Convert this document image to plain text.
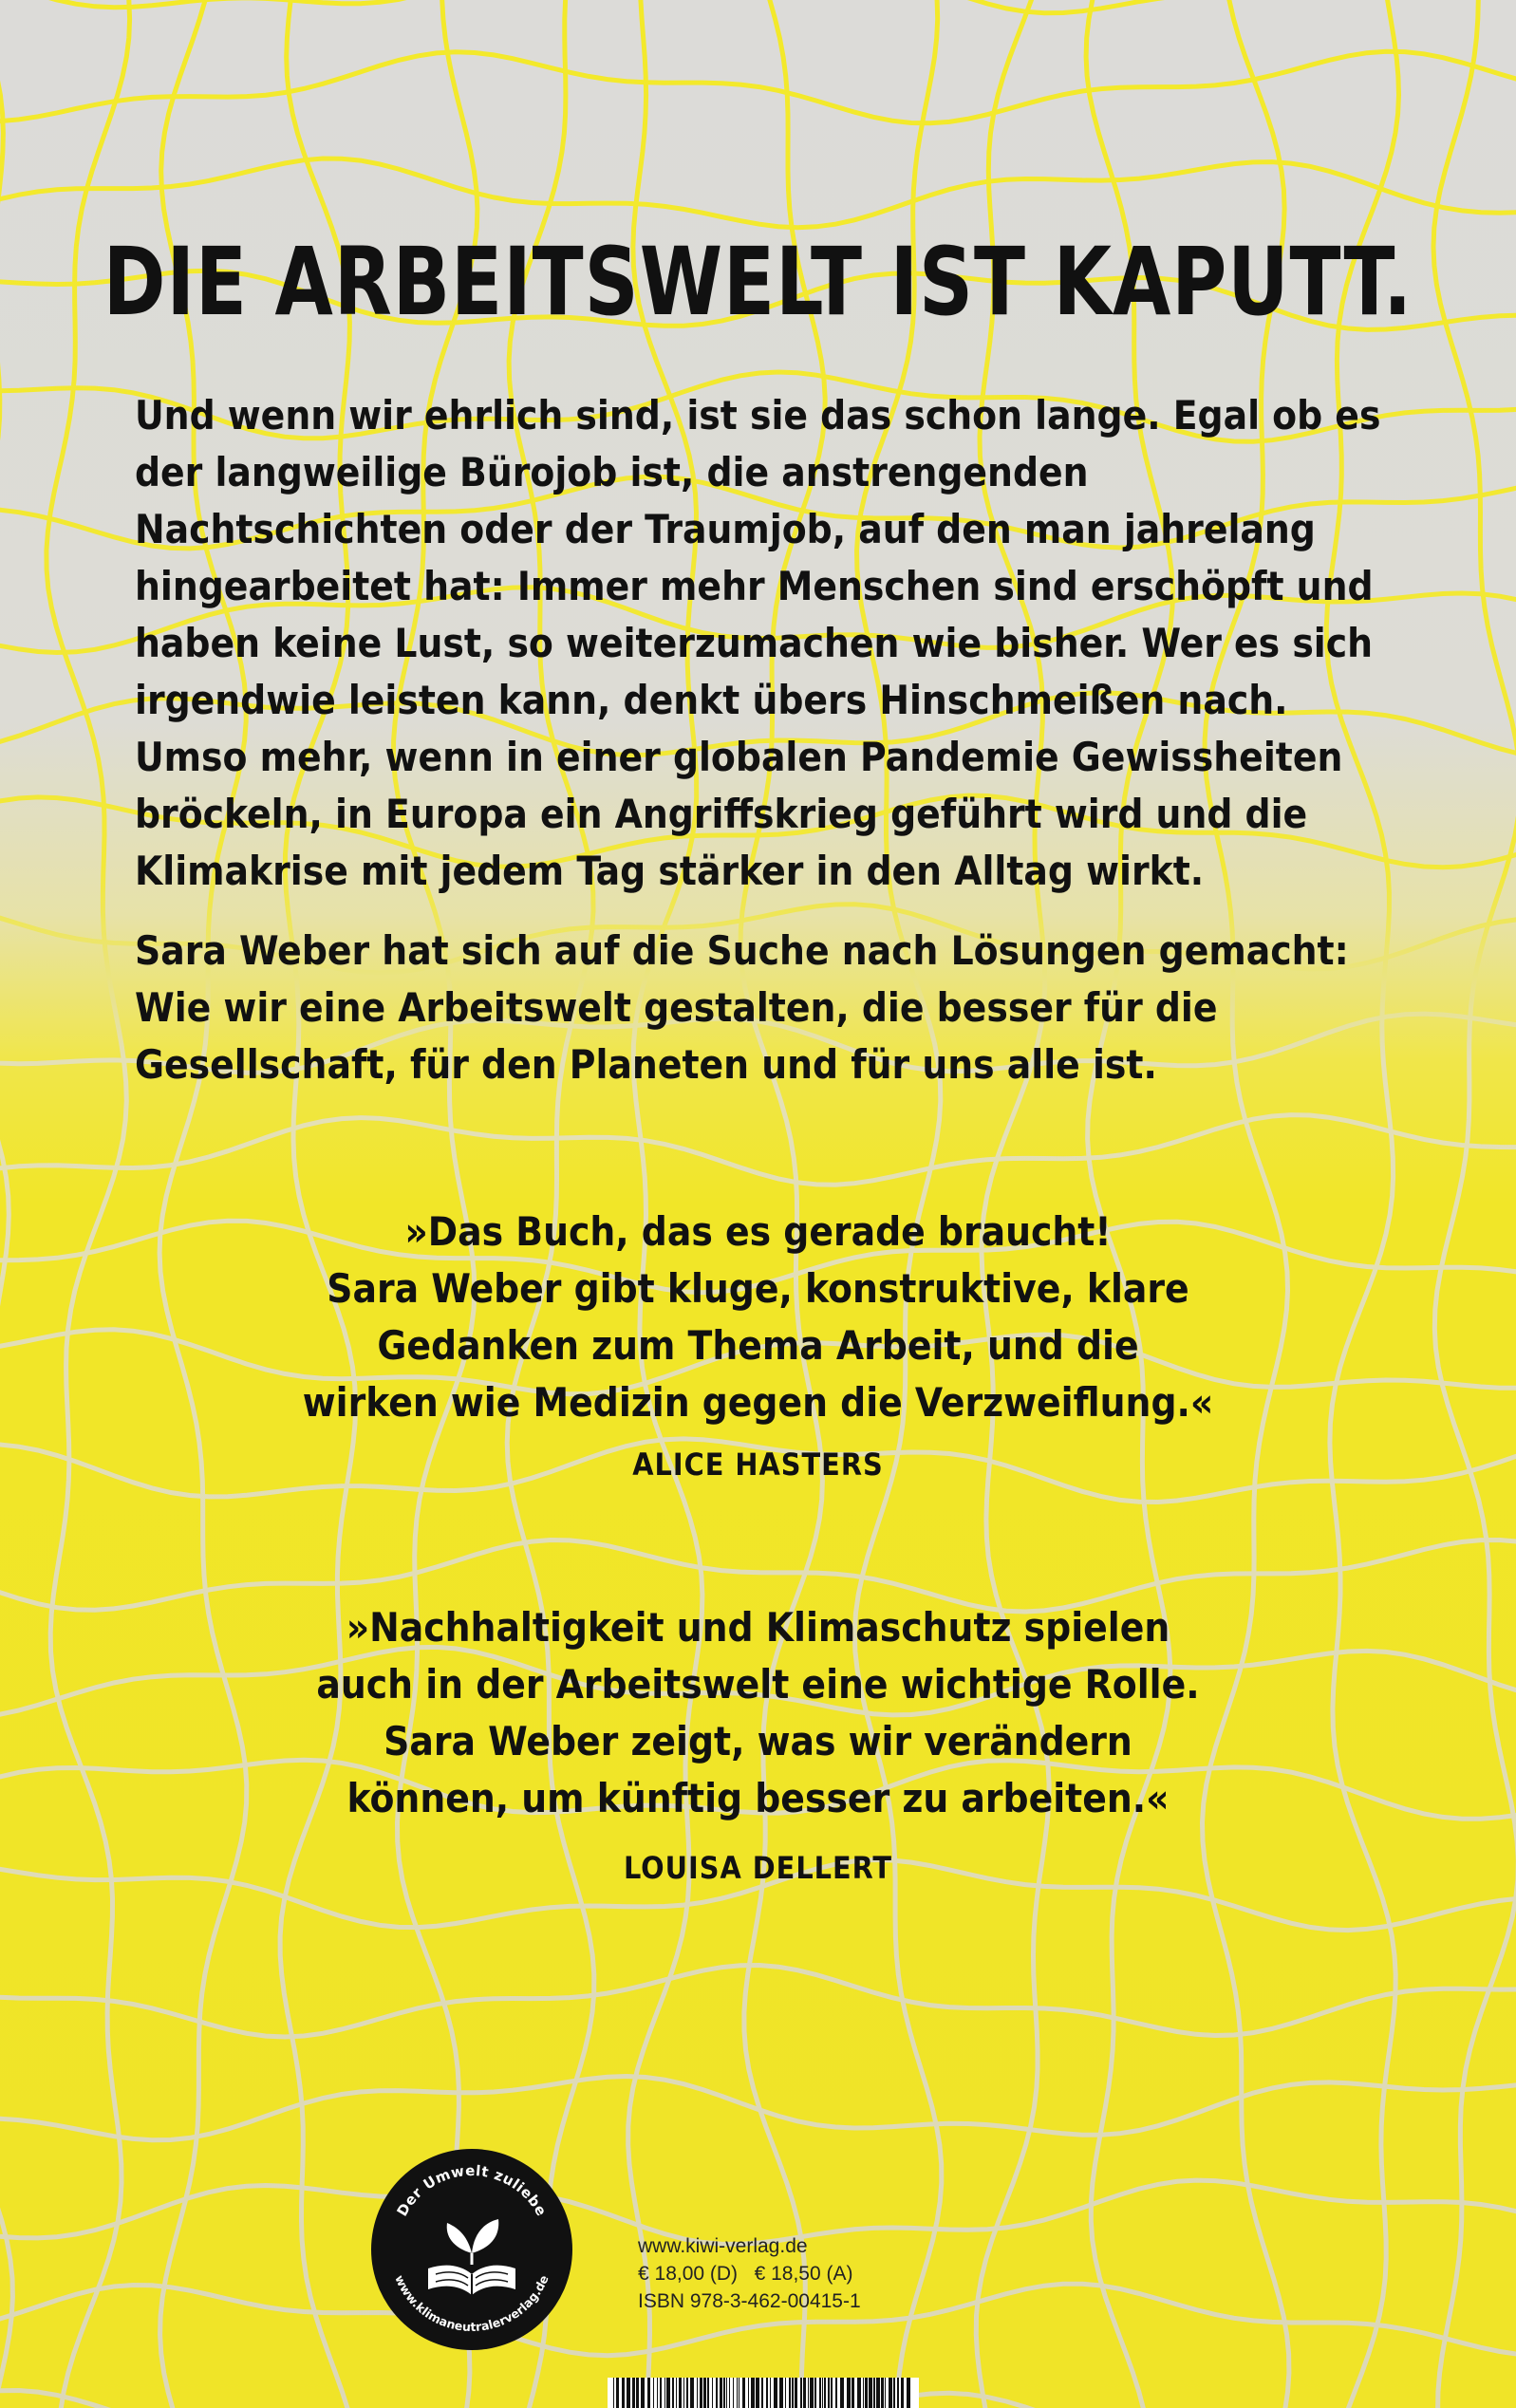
DIE ARBEITSWELT IST KAPUTT.

Und wenn wir ehrlich sind, ist sie das schon lange. Egal ob es der langweilige Bürojob ist, die anstrengenden Nachtschichten oder der Traumjob, auf den man jahrelang hingearbeitet hat: Immer mehr Menschen sind erschöpft und haben keine Lust, so weiterzumachen wie bisher. Wer es sich irgendwie leisten kann, denkt übers Hinschmeißen nach. Umso mehr, wenn in einer globalen Pandemie Gewissheiten bröckeln, in Europa ein Angriffskrieg geführt wird und die Klimakrise mit jedem Tag stärker in den Alltag wirkt.

Sara Weber hat sich auf die Suche nach Lösungen gemacht: Wie wir eine Arbeitswelt gestalten, die besser für die Gesellschaft, für den Planeten und für uns alle ist.

»Das Buch, das es gerade braucht!
Sara Weber gibt kluge, konstruktive, klare
Gedanken zum Thema Arbeit, und die
wirken wie Medizin gegen die Verzweiflung.«

ALICE HASTERS

»Nachhaltigkeit und Klimaschutz spielen
auch in der Arbeitswelt eine wichtige Rolle.
Sara Weber zeigt, was wir verändern
können, um künftig besser zu arbeiten.«

LOUISA DELLERT

Der Umwelt zuliebe
www.klimaneutralerverlag.de
www.kiwi-verlag.de
€ 18,00 (D) € 18,50 (A)
ISBN 978-3-462-00415-1
